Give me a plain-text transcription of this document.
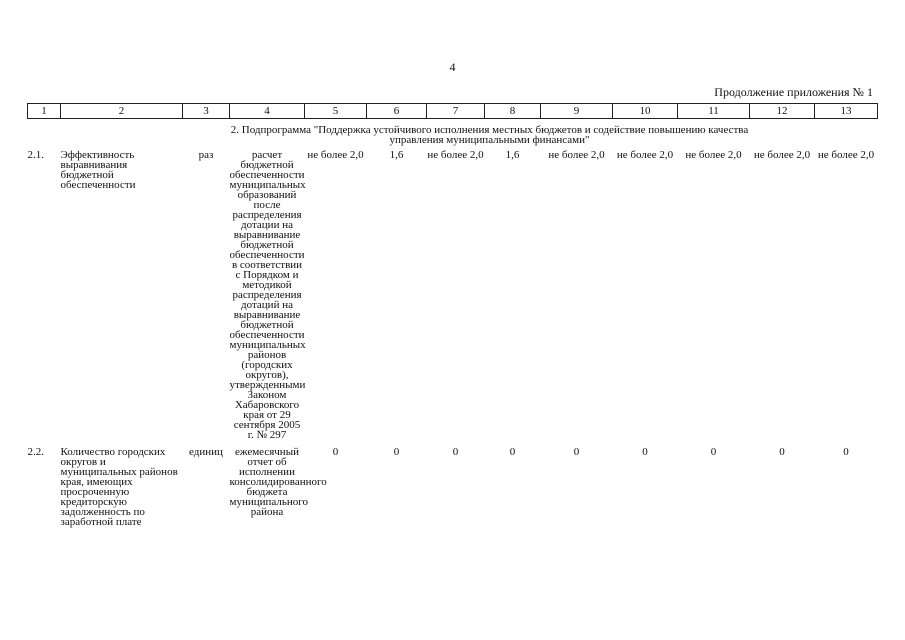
4
Продолжение приложения № 1
1	2	3	4	5	6	7	8	9	10	11	12	13
			2. Подпрограмма "Поддержка устойчивого исполнения местных бюджетов и содействие повышению качества управления муниципальными финансами"									
2.1.	Эффективность выравнивания бюджетной обеспеченности	раз	расчет бюджетной обеспеченности муниципальных образований после распределения дотации на выравнивание бюджетной обеспеченности в соответствии с Порядком и методикой распределения дотаций на выравнивание бюджетной обеспеченности муниципальных районов (городских округов), утвержденными Законом Хабаровского края от 29 сентября 2005 г. № 297	не более 2,0	1,6	не более 2,0	1,6	не более 2,0	не более 2,0	не более 2,0	не более 2,0	не более 2,0
2.2.	Количество городских округов и муниципальных районов края, имеющих просроченную кредиторскую задолженность по заработной плате	единиц	ежемесячный отчет об исполнении консолидированного бюджета муниципального района	0	0	0	0	0	0	0	0	0
